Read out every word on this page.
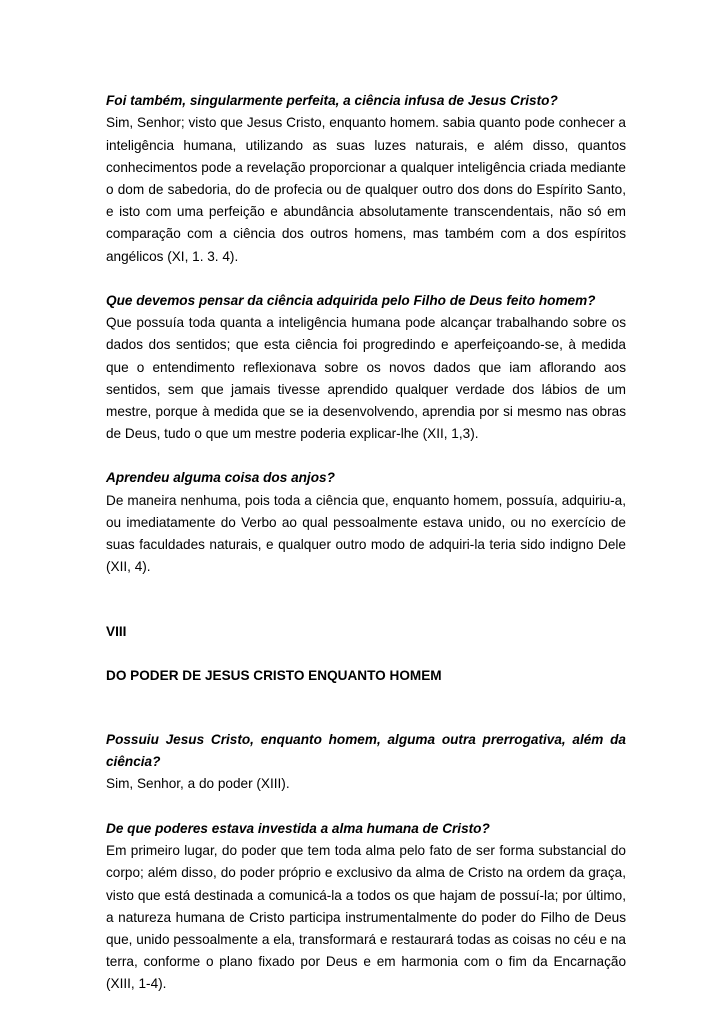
Foi também, singularmente perfeita, a ciência infusa de Jesus Cristo?

Sim, Senhor; visto que Jesus Cristo, enquanto homem. sabia quanto pode conhecer a inteligência humana, utilizando as suas luzes naturais, e além disso, quantos conhecimentos pode a revelação proporcionar a qualquer inteligência criada mediante o dom de sabedoria, do de profecia ou de qualquer outro dos dons do Espírito Santo, e isto com uma perfeição e abundância absolutamente transcendentais, não só em comparação com a ciência dos outros homens, mas também com a dos espíritos angélicos (XI, 1. 3. 4).

Que devemos pensar da ciência adquirida pelo Filho de Deus feito homem?

Que possuía toda quanta a inteligência humana pode alcançar trabalhando sobre os dados dos sentidos; que esta ciência foi progredindo e aperfeiçoando-se, à medida que o entendimento reflexionava sobre os novos dados que iam aflorando aos sentidos, sem que jamais tivesse aprendido qualquer verdade dos lábios de um mestre, porque à medida que se ia desenvolvendo, aprendia por si mesmo nas obras de Deus, tudo o que um mestre poderia explicar-lhe (XII, 1,3).

Aprendeu alguma coisa dos anjos?

De maneira nenhuma, pois toda a ciência que, enquanto homem, possuía, adquiriu-a, ou imediatamente do Verbo ao qual pessoalmente estava unido, ou no exercício de suas faculdades naturais, e qualquer outro modo de adquiri-la teria sido indigno Dele (XII, 4).

VIII

DO PODER DE JESUS CRISTO ENQUANTO HOMEM

Possuiu Jesus Cristo, enquanto homem, alguma outra prerrogativa, além da ciência?

Sim, Senhor, a do poder (XIII).

De que poderes estava investida a alma humana de Cristo?

Em primeiro lugar, do poder que tem toda alma pelo fato de ser forma substancial do corpo; além disso, do poder próprio e exclusivo da alma de Cristo na ordem da graça, visto que está destinada a comunicá-la a todos os que hajam de possuí-la; por último, a natureza humana de Cristo participa instrumentalmente do poder do Filho de Deus que, unido pessoalmente a ela, transformará e restaurará todas as coisas no céu e na terra, conforme o plano fixado por Deus e em harmonia com o fim da Encarnação (XIII, 1-4).
